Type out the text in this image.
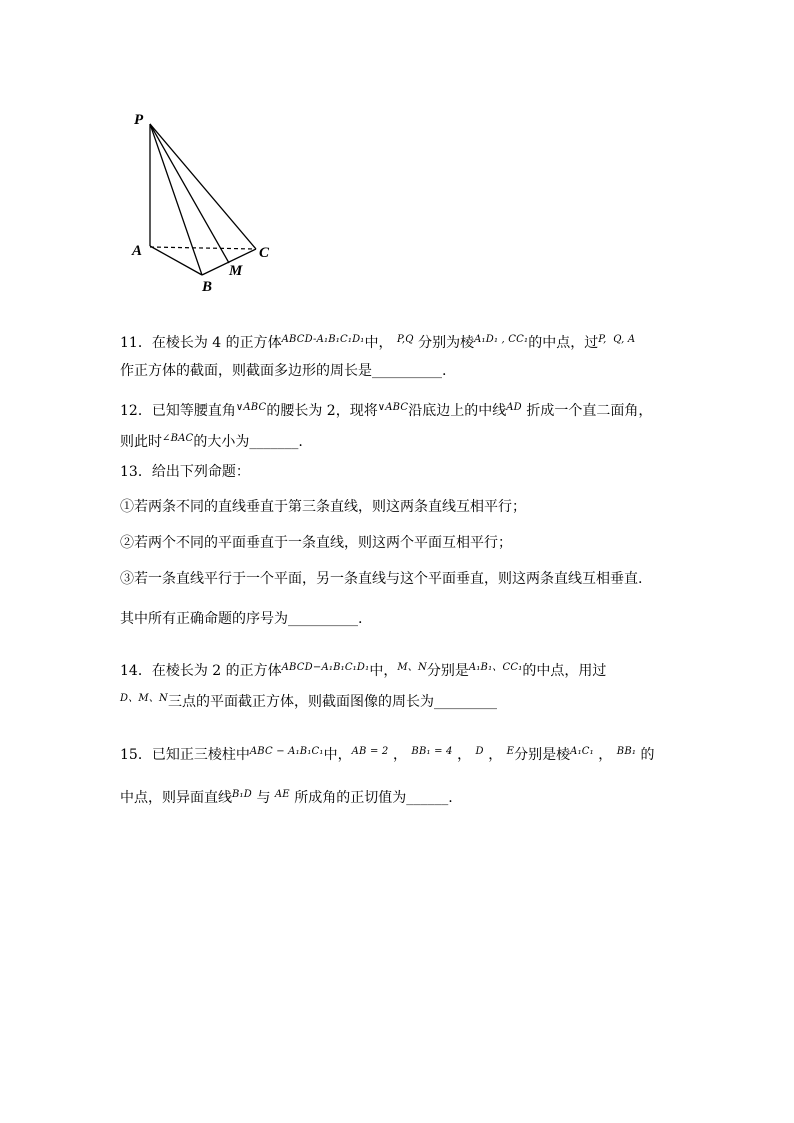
P
A
B
M
C
11．在棱长为 4 的正方体$^{ABCD-A_1B_1C_1D_1}$中， $^{P,Q}$ 分别为棱$^{A_1D_1 , CC_1}$的中点，过$^{P, Q, A}$
作正方体的截面，则截面多边形的周长是__________.
12．已知等腰直角$^{\vee ABC}$的腰长为 2，现将$^{\vee ABC}$沿底边上的中线$^{AD}$ 折成一个直二面角，
则此时$^{\angle BAC}$的大小为_______.
13．给出下列命题：
①若两条不同的直线垂直于第三条直线，则这两条直线互相平行；
②若两个不同的平面垂直于一条直线，则这两个平面互相平行；
③若一条直线平行于一个平面，另一条直线与这个平面垂直，则这两条直线互相垂直.
其中所有正确命题的序号为__________.
14．在棱长为 2 的正方体$^{ABCD-A_1B_1C_1D_1}$中，$^{M、N}$分别是$^{A_1B_1、CC_1}$的中点，用过
$^{D、M、N}$三点的平面截正方体，则截面图像的周长为_________
15．已知正三棱柱中$^{ABC - A_1B_1C_1}$中，$^{AB = 2}$ ， $^{BB_1 = 4}$ ， $^D$ ， $^E$分别是棱$^{A_1C_1}$ ， $^{BB_1}$ 的
中点，则异面直线$^{B_1D}$ 与 $^{AE}$ 所成角的正切值为______.
